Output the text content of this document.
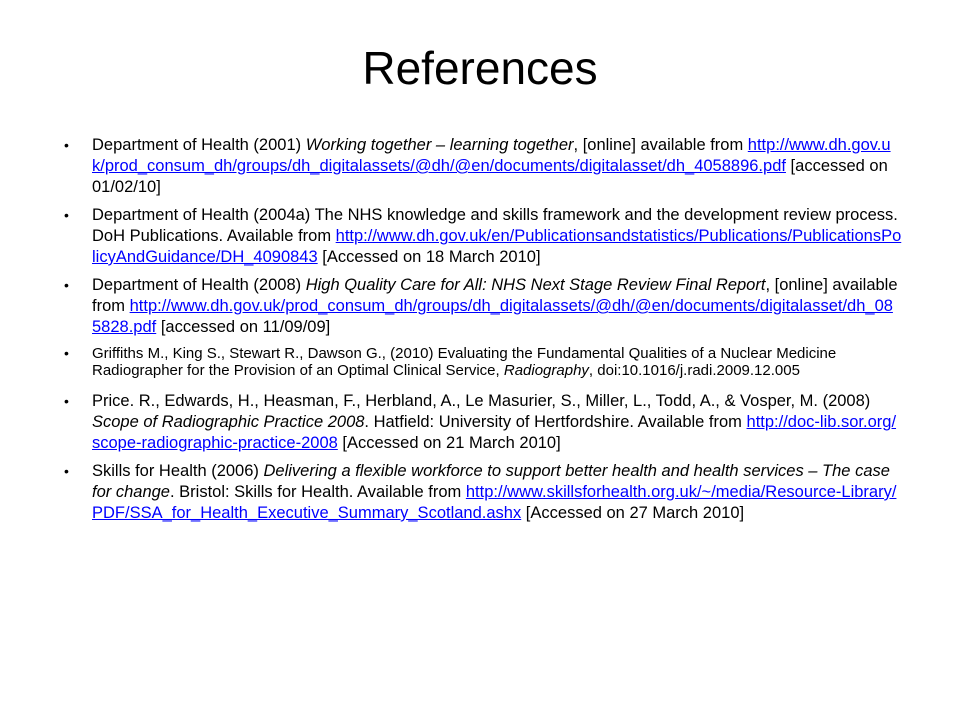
References
• Department of Health (2001) Working together – learning together, [online] available from http://www.dh.gov.uk/prod_consum_dh/groups/dh_digitalassets/@dh/@en/documents/digitalasset/dh_4058896.pdf [accessed on 01/02/10]
• Department of Health (2004a) The NHS knowledge and skills framework and the development review process. DoH Publications. Available from http://www.dh.gov.uk/en/Publicationsandstatistics/Publications/PublicationsPolicyAndGuidance/DH_4090843 [Accessed on 18 March 2010]
• Department of Health (2008) High Quality Care for All: NHS Next Stage Review Final Report, [online] available from http://www.dh.gov.uk/prod_consum_dh/groups/dh_digitalassets/@dh/@en/documents/digitalasset/dh_085828.pdf [accessed on 11/09/09]
• Griffiths M., King S., Stewart R., Dawson G., (2010) Evaluating the Fundamental Qualities of a Nuclear Medicine Radiographer for the Provision of an Optimal Clinical Service, Radiography, doi:10.1016/j.radi.2009.12.005
• Price. R., Edwards, H., Heasman, F., Herbland, A., Le Masurier, S., Miller, L., Todd, A., & Vosper, M. (2008) Scope of Radiographic Practice 2008. Hatfield: University of Hertfordshire. Available from http://doc-lib.sor.org/scope-radiographic-practice-2008 [Accessed on 21 March 2010]
• Skills for Health (2006) Delivering a flexible workforce to support better health and health services – The case for change. Bristol: Skills for Health. Available from http://www.skillsforhealth.org.uk/~/media/Resource-Library/PDF/SSA_for_Health_Executive_Summary_Scotland.ashx [Accessed on 27 March 2010]
